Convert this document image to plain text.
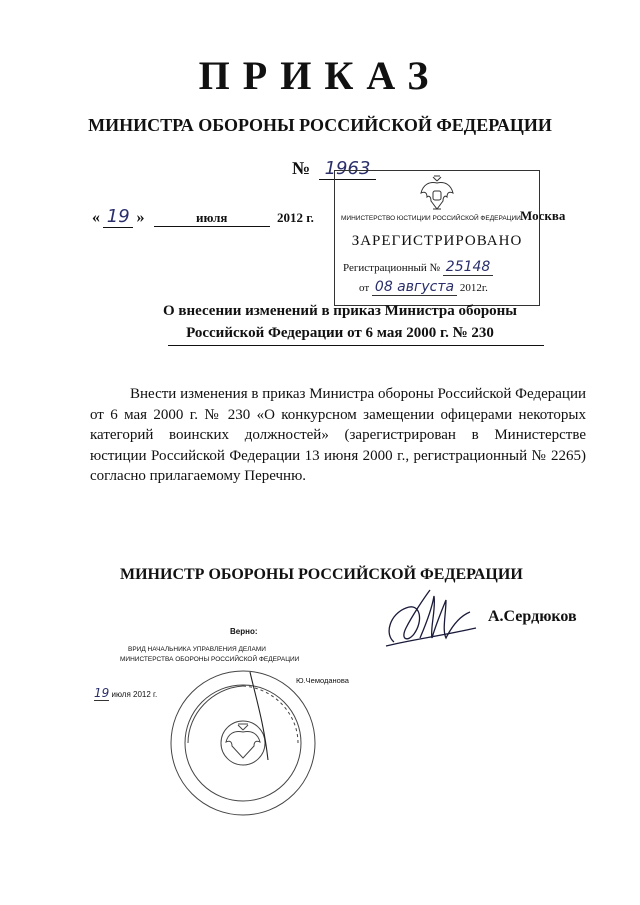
ПРИКАЗ
МИНИСТРА ОБОРОНЫ РОССИЙСКОЙ ФЕДЕРАЦИИ
№ 1963
« 19 »	июля	2012 г.	Москва
МИНИСТЕРСТВО ЮСТИЦИИ РОССИЙСКОЙ ФЕДЕРАЦИИ
ЗАРЕГИСТРИРОВАНО
Регистрационный № 25148
от 08 августа 2012г.
О внесении изменений в приказ Министра обороны
Российской Федерации от 6 мая 2000 г. № 230
Внести изменения в приказ Министра обороны Российской Федерации от 6 мая 2000 г. № 230 «О конкурсном замещении офицерами некоторых категорий воинских должностей» (зарегистрирован в Министерстве юстиции Российской Федерации 13 июня 2000 г., регистрационный № 2265) согласно прилагаемому Перечню.
МИНИСТР ОБОРОНЫ РОССИЙСКОЙ ФЕДЕРАЦИИ
А.Сердюков
Верно:
ВРИД НАЧАЛЬНИКА УПРАВЛЕНИЯ ДЕЛАМИ
МИНИСТЕРСТВА ОБОРОНЫ РОССИЙСКОЙ ФЕДЕРАЦИИ
Ю.Чемоданова
19 июля 2012 г.
